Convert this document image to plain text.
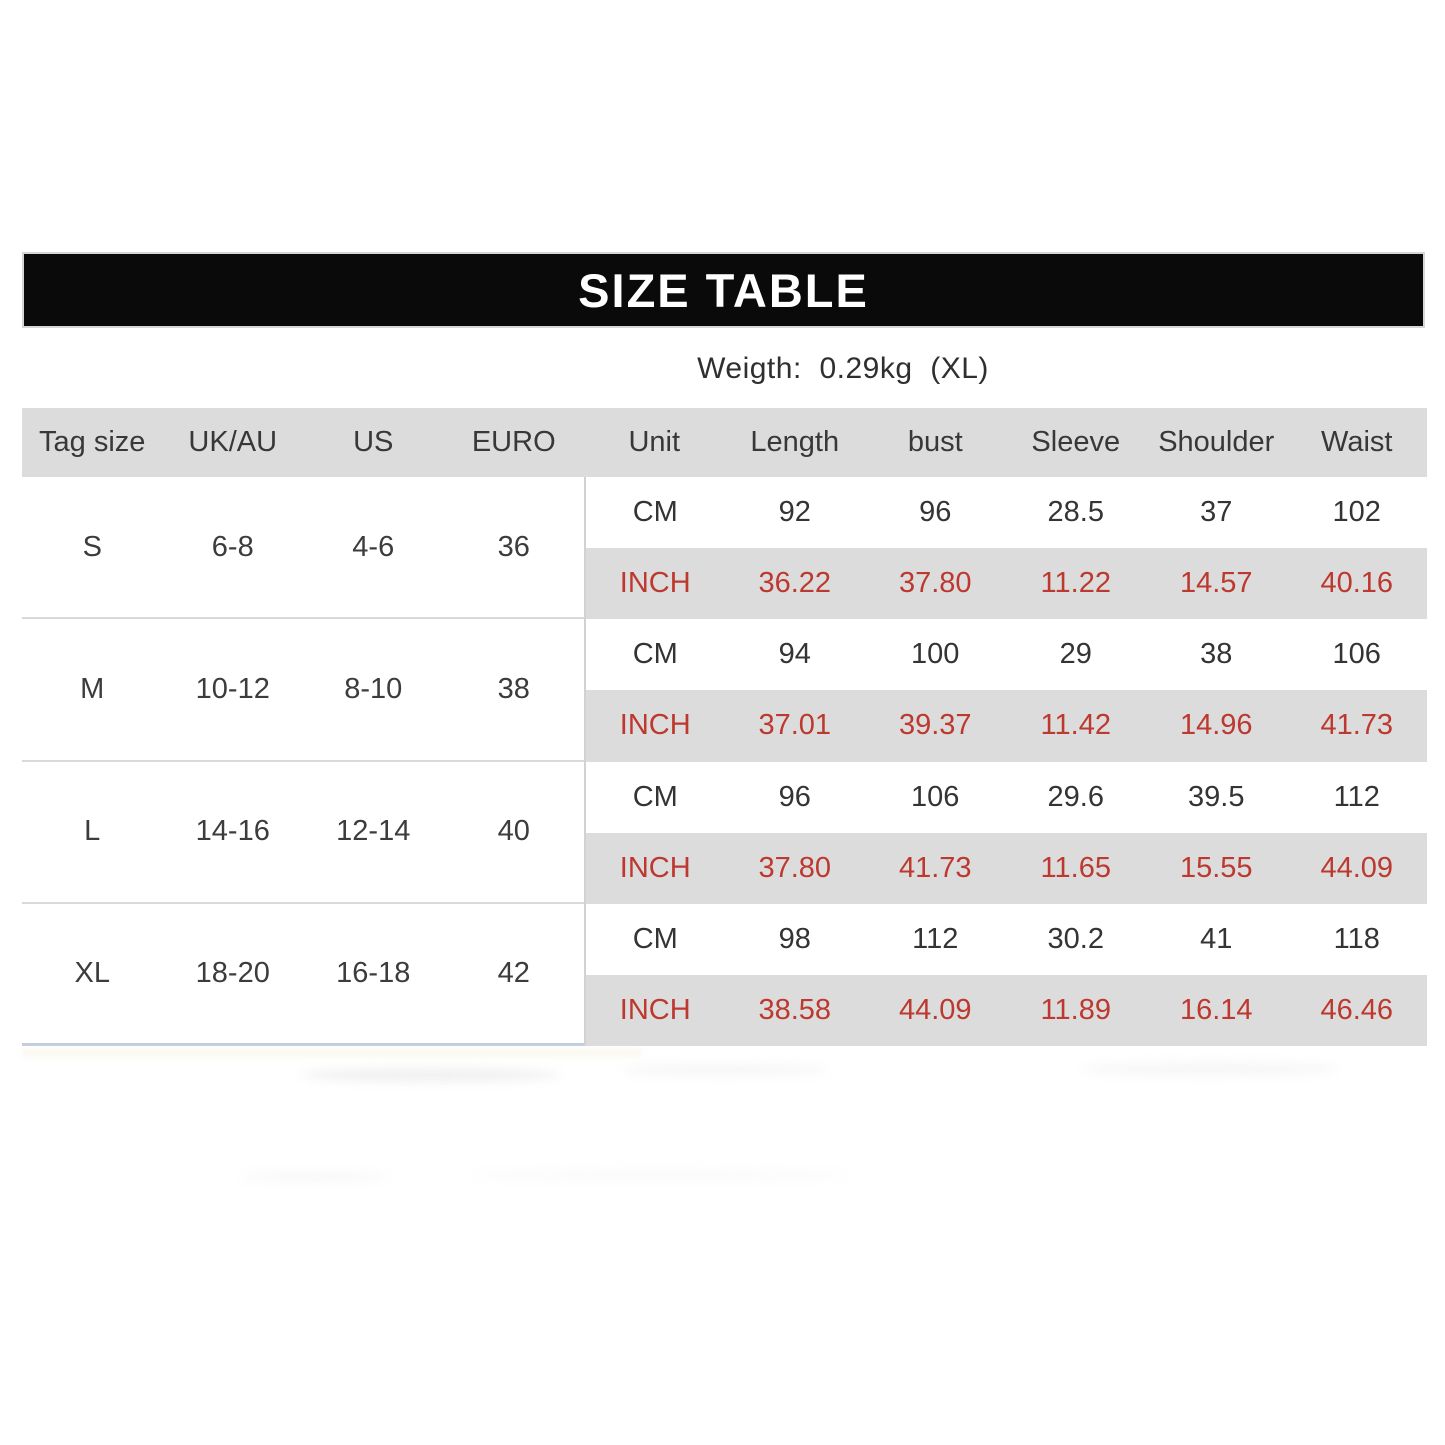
SIZE TABLE
Weigth:  0.29kg  (XL)
Tag size	UK/AU	US	EURO	Unit	Length	bust	Sleeve	Shoulder	Waist
S	6-8	4-6	36
CM	92	96	28.5	37	102
INCH	36.22	37.80	11.22	14.57	40.16
M	10-12	8-10	38
CM	94	100	29	38	106
INCH	37.01	39.37	11.42	14.96	41.73
L	14-16	12-14	40
CM	96	106	29.6	39.5	112
INCH	37.80	41.73	11.65	15.55	44.09
XL	18-20	16-18	42
CM	98	112	30.2	41	118
INCH	38.58	44.09	11.89	16.14	46.46
